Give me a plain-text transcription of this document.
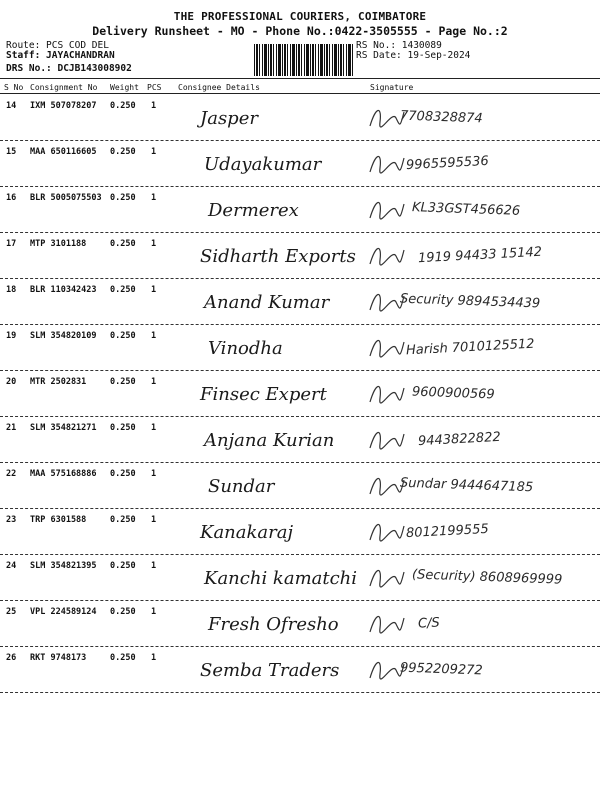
THE PROFESSIONAL COURIERS, COIMBATORE
Delivery Runsheet - MO - Phone No.:0422-3505555 - Page No.:2
Route: PCS COD DEL
Staff: JAYACHANDRAN
DRS No.: DCJB143008902
RS No.: 1430089
RS Date: 19-Sep-2024
S No Consignment No Weight PCS Consignee Details	Signature
14 IXM 507078207 0.250 1
Jasper	7708328874
15 MAA 650116605 0.250 1
Udayakumar	9965595536
16 BLR 5005075503 0.250 1
Dermerex	KL33GST456626
17 MTP 3101188	0.250 1
Sidharth Exports	1919 94433 15142
18 BLR 110342423 0.250 1
Anand Kumar	Security 9894534439
19 SLM 354820109 0.250 1
Vinodha	Harish 7010125512
20 MTR 2502831	0.250 1
Finsec Expert	9600900569
21 SLM 354821271 0.250 1
Anjana Kurian	9443822822
22 MAA 575168886 0.250 1
Sundar	Sundar 9444647185
23 TRP 6301588	0.250 1
Kanakaraj	8012199555
24 SLM 354821395 0.250 1
Kanchi kamatchi	(Security) 8608969999
25 VPL 224589124 0.250 1
Fresh Ofresho	C/S
26 RKT 9748173	0.250 1
Semba Traders	9952209272
